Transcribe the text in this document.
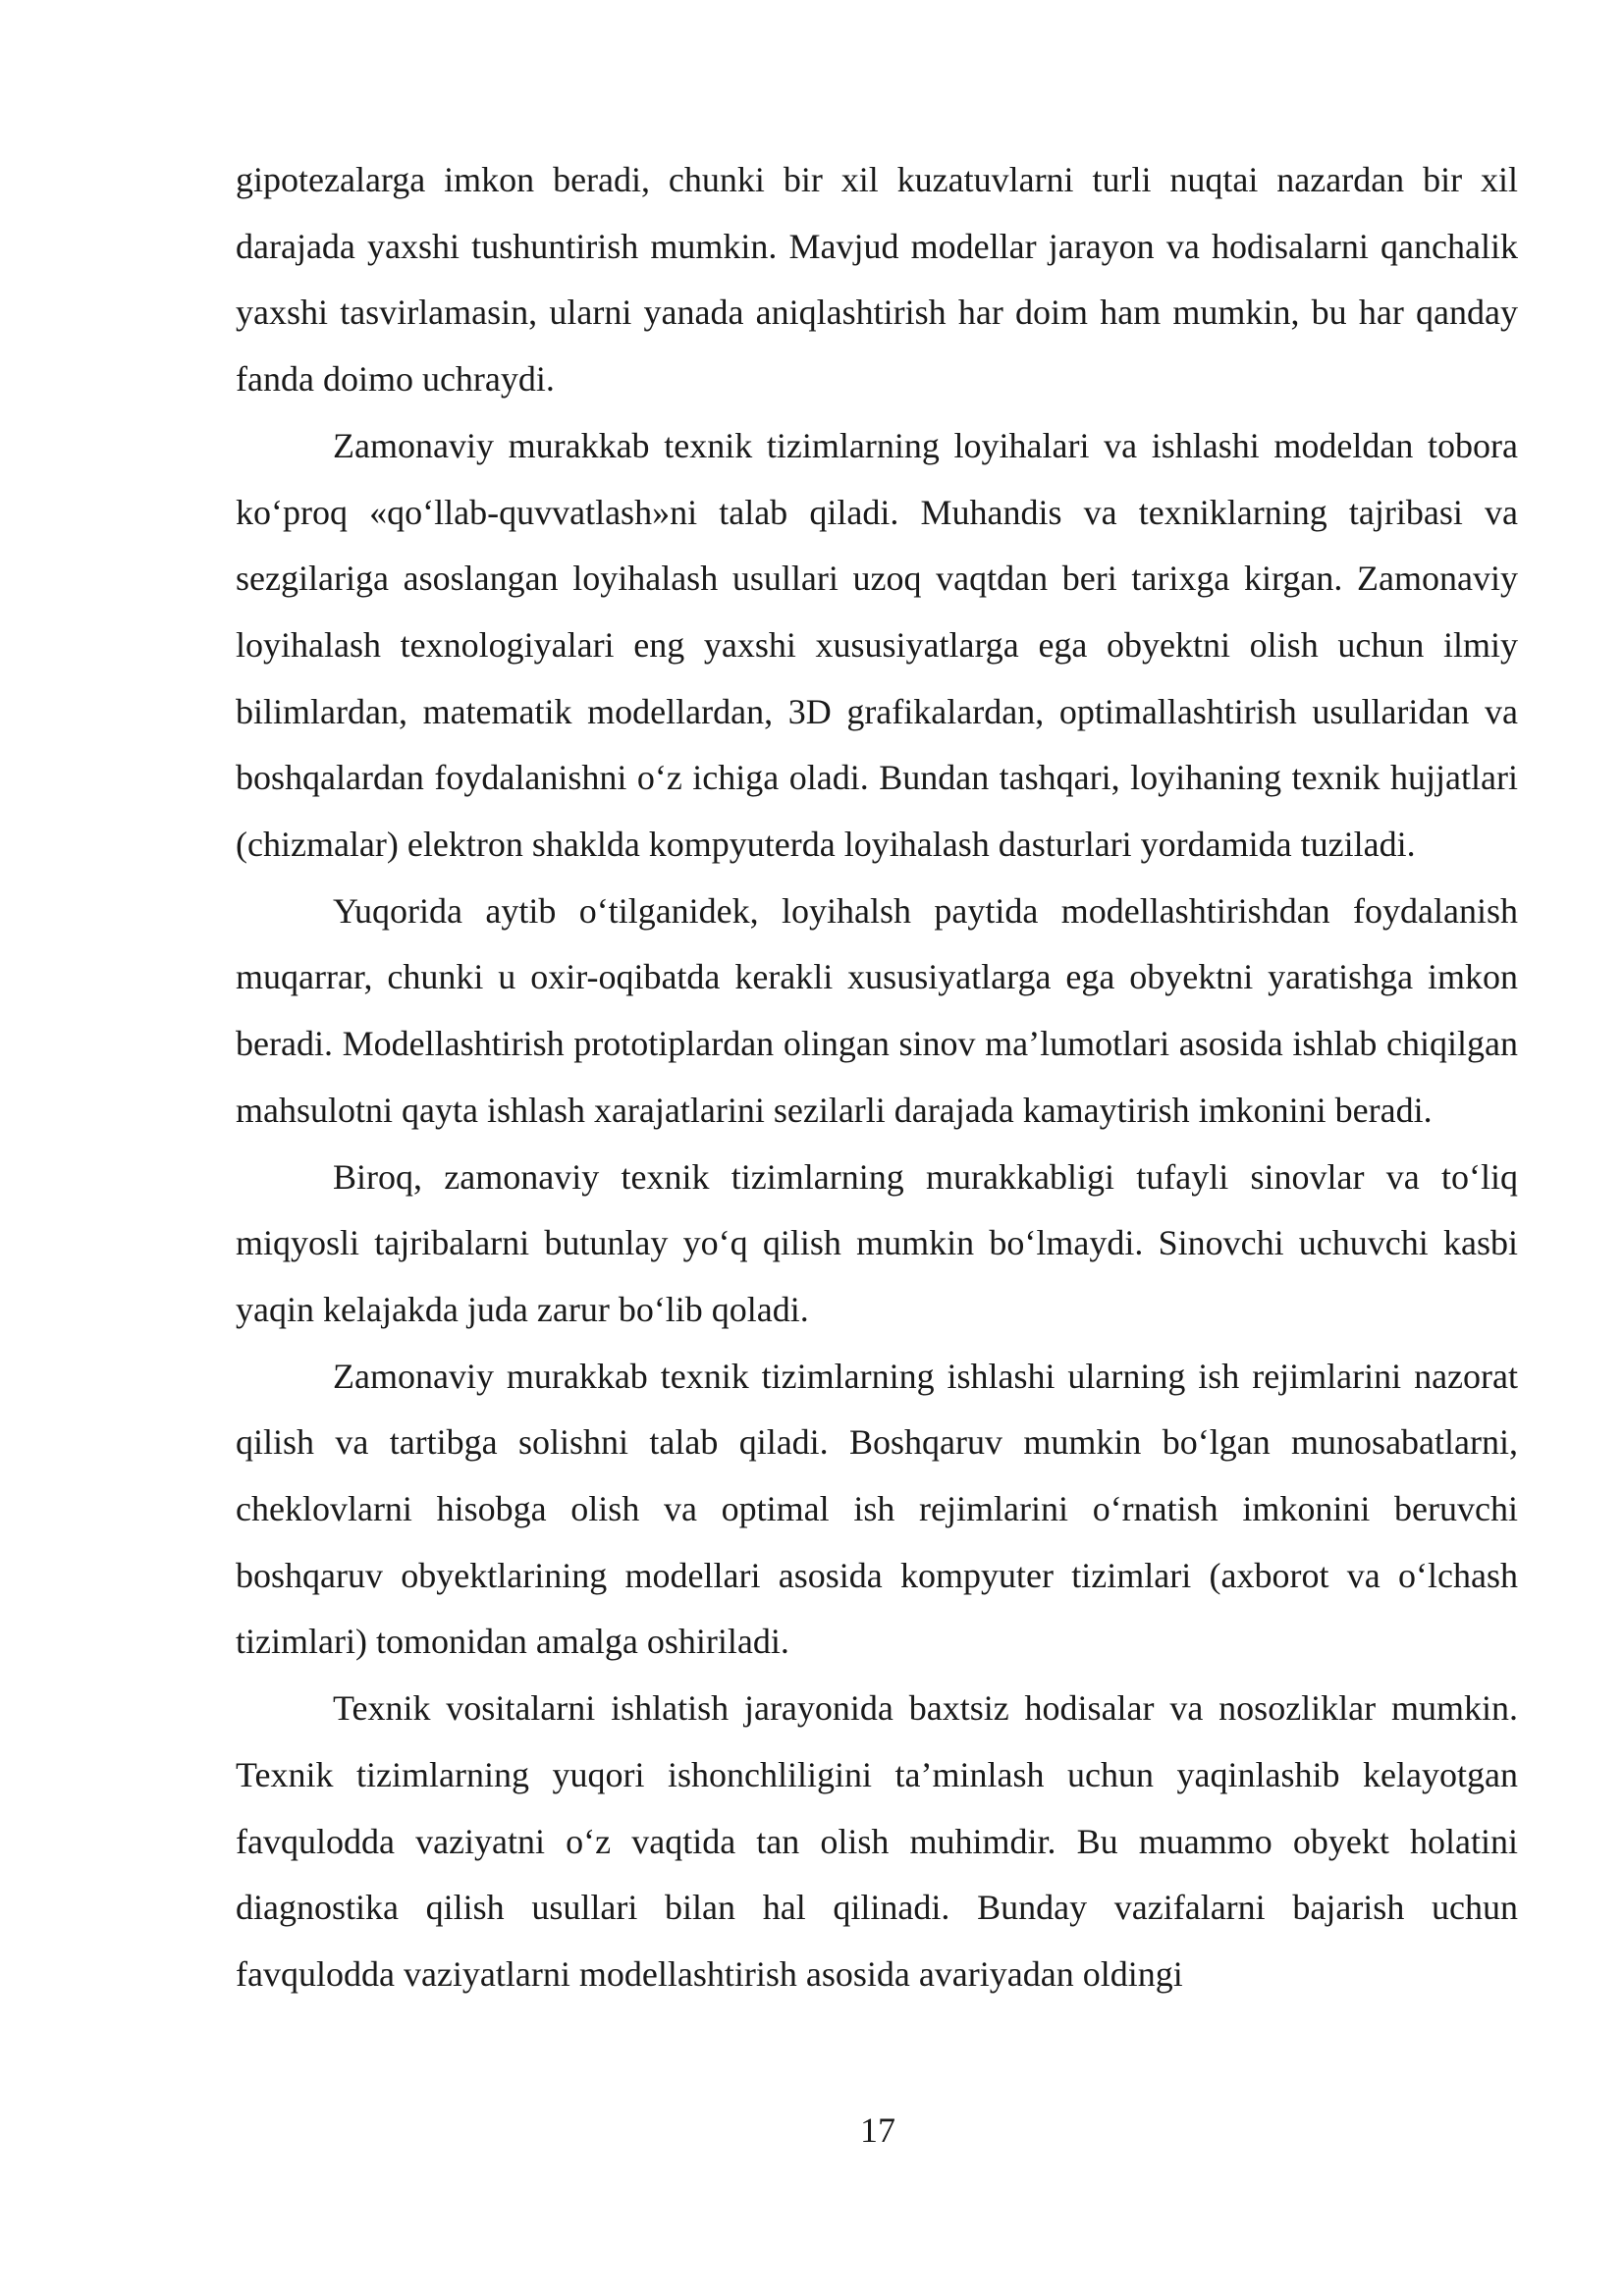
gipotezalarga imkon beradi, chunki bir xil kuzatuvlarni turli nuqtai nazardan bir xil darajada yaxshi tushuntirish mumkin. Mavjud modellar jarayon va hodisalarni qanchalik yaxshi tasvirlamasin, ularni yanada aniqlashtirish har doim ham mumkin, bu har qanday fanda doimo uchraydi.

Zamonaviy murakkab texnik tizimlarning loyihalari va ishlashi modeldan tobora ko‘proq «qo‘llab-quvvatlash»ni talab qiladi. Muhandis va texniklarning tajribasi va sezgilariga asoslangan loyihalash usullari uzoq vaqtdan beri tarixga kirgan. Zamonaviy loyihalash texnologiyalari eng yaxshi xususiyatlarga ega obyektni olish uchun ilmiy bilimlardan, matematik modellardan, 3D grafikalardan, optimallashtirish usullaridan va boshqalardan foydalanishni o‘z ichiga oladi. Bundan tashqari, loyihaning texnik hujjatlari (chizmalar) elektron shaklda kompyuterda loyihalash dasturlari yordamida tuziladi.

Yuqorida aytib o‘tilganidek, loyihalsh paytida modellashtirishdan foydalanish muqarrar, chunki u oxir-oqibatda kerakli xususiyatlarga ega obyektni yaratishga imkon beradi. Modellashtirish prototiplardan olingan sinov ma’lumotlari asosida ishlab chiqilgan mahsulotni qayta ishlash xarajatlarini sezilarli darajada kamaytirish imkonini beradi.

Biroq, zamonaviy texnik tizimlarning murakkabligi tufayli sinovlar va to‘liq miqyosli tajribalarni butunlay yo‘q qilish mumkin bo‘lmaydi. Sinovchi uchuvchi kasbi yaqin kelajakda juda zarur bo‘lib qoladi.

Zamonaviy murakkab texnik tizimlarning ishlashi ularning ish rejimlarini nazorat qilish va tartibga solishni talab qiladi. Boshqaruv mumkin bo‘lgan munosabatlarni, cheklovlarni hisobga olish va optimal ish rejimlarini o‘rnatish imkonini beruvchi boshqaruv obyektlarining modellari asosida kompyuter tizimlari (axborot va o‘lchash tizimlari) tomonidan amalga oshiriladi.

Texnik vositalarni ishlatish jarayonida baxtsiz hodisalar va nosozliklar mumkin. Texnik tizimlarning yuqori ishonchliligini ta’minlash uchun yaqinlashib kelayotgan favqulodda vaziyatni o‘z vaqtida tan olish muhimdir. Bu muammo obyekt holatini diagnostika qilish usullari bilan hal qilinadi. Bunday vazifalarni bajarish uchun favqulodda vaziyatlarni modellashtirish asosida avariyadan oldingi

17
